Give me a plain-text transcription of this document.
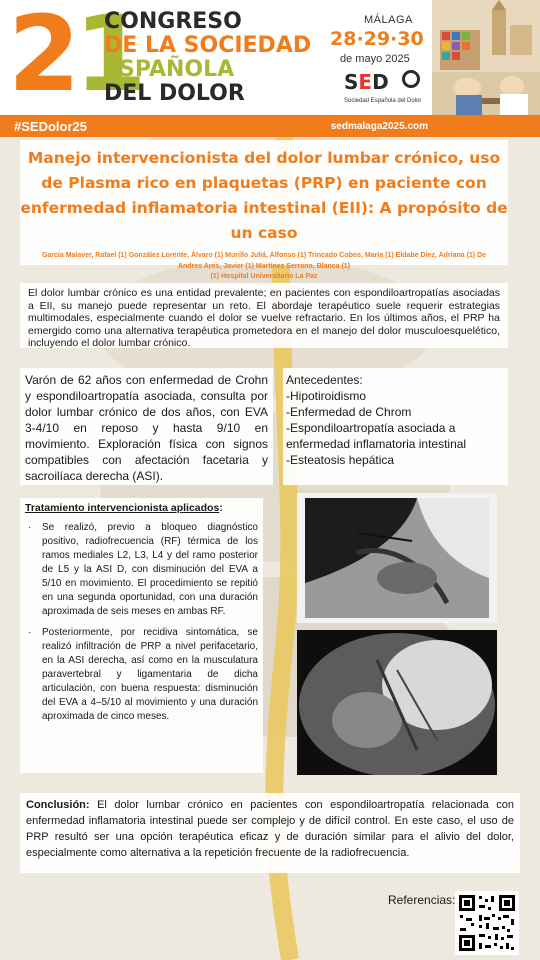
21
CONGRESO
DE LA SOCIEDAD
ESPAÑOLA
DEL DOLOR
MÁLAGA
28·29·30
de mayo 2025
SED
Sociedad Española del Dolor
#SEDolor25	sedmalaga2025.com
Manejo intervencionista del dolor lumbar crónico, uso de Plasma rico en plaquetas (PRP) en paciente con enfermedad inflamatoria intestinal (EII): A propósito de un caso
García Malaver, Rafael (1) González Lorente, Álvaro (1) Murillo Juliá, Alfonso (1) Trincado Cobos, María (1) Eldabe Díez, Adriana (1) De Andres Ares, Javier (1) Martínez Serrano, Blanca (1)
(1) Hospital Universitario La Paz
El dolor lumbar crónico es una entidad prevalente; en pacientes con espondiloartropatías asociadas a EII, su manejo puede representar un reto. El abordaje terapéutico suele requerir estrategias multimodales, especialmente cuando el dolor se vuelve refractario. En los últimos años, el PRP ha emergido como una alternativa terapéutica prometedora en el manejo del dolor musculoesquelético, incluyendo el dolor lumbar crónico.
Varón de 62 años con enfermedad de Crohn y espondiloartropatía asociada, consulta por dolor lumbar crónico de dos años, con EVA 3-4/10 en reposo y hasta 9/10 en movimiento. Exploración física con signos compatibles con afectación facetaria y sacroilíaca derecha (ASI).
Antecedentes:
-Hipotiroidismo
-Enfermedad de Chrom
-Espondiloartropatía asociada a enfermedad inflamatoria intestinal
-Esteatosis hepática
Tratamiento intervencionista aplicados:
· Se realizó, previo a bloqueo diagnóstico positivo, radiofrecuencia (RF) térmica de los ramos mediales L2, L3, L4 y del ramo posterior de L5 y la ASI D, con disminución del EVA a 5/10 en movimiento. El procedimiento se repitió en una segunda oportunidad, con una duración aproximada de seis meses en ambas RF.
· Posteriormente, por recidiva sintomática, se realizó infiltración de PRP a nivel perifacetario, en la ASI derecha, así como en la musculatura paravertebral y ligamentaria de dicha articulación, con buena respuesta: disminución del EVA a 4–5/10 al movimiento y una duración aproximada de cinco meses.
Conclusión: El dolor lumbar crónico en pacientes con espondiloartropatía relacionada con enfermedad inflamatoria intestinal puede ser complejo y de difícil control. En este caso, el uso de PRP resultó ser una opción terapéutica eficaz y de duración similar para el alivio del dolor, especialmente como alternativa a la repetición frecuente de la radiofrecuencia.
Referencias:
